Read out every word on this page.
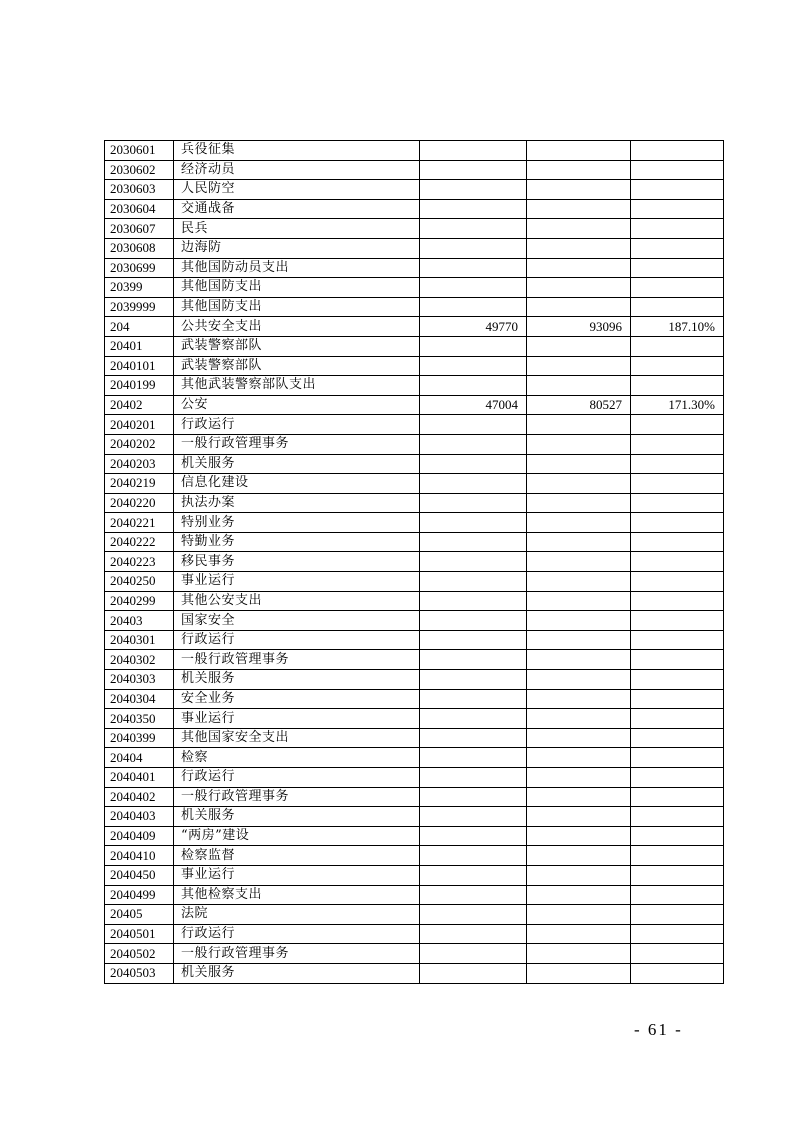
2030601	兵役征集			
2030602	经济动员			
2030603	人民防空			
2030604	交通战备			
2030607	民兵			
2030608	边海防			
2030699	其他国防动员支出			
20399	其他国防支出			
2039999	其他国防支出			
204	公共安全支出	49770	93096	187.10%
20401	武装警察部队			
2040101	武装警察部队			
2040199	其他武装警察部队支出			
20402	公安	47004	80527	171.30%
2040201	行政运行			
2040202	一般行政管理事务			
2040203	机关服务			
2040219	信息化建设			
2040220	执法办案			
2040221	特别业务			
2040222	特勤业务			
2040223	移民事务			
2040250	事业运行			
2040299	其他公安支出			
20403	国家安全			
2040301	行政运行			
2040302	一般行政管理事务			
2040303	机关服务			
2040304	安全业务			
2040350	事业运行			
2040399	其他国家安全支出			
20404	检察			
2040401	行政运行			
2040402	一般行政管理事务			
2040403	机关服务			
2040409	“两房”建设			
2040410	检察监督			
2040450	事业运行			
2040499	其他检察支出			
20405	法院			
2040501	行政运行			
2040502	一般行政管理事务			
2040503	机关服务			
- 61 -
